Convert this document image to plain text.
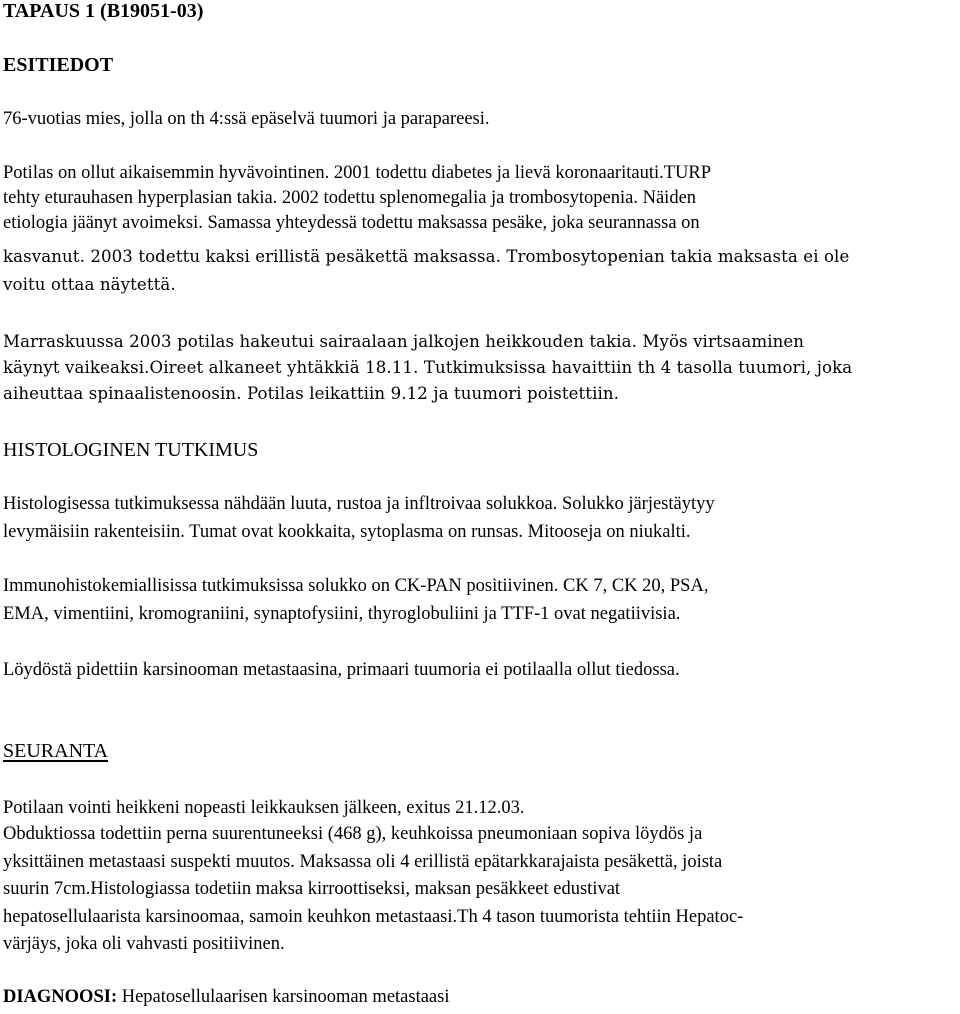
TAPAUS 1 (B19051-03)
ESITIEDOT
76-vuotias mies, jolla on th 4:ssä epäselvä tuumori ja parapareesi.
Potilas on ollut aikaisemmin hyvävointinen. 2001 todettu diabetes ja lievä koronaaritauti.TURP
tehty eturauhasen hyperplasian takia. 2002 todettu splenomegalia ja trombosytopenia. Näiden
etiologia jäänyt avoimeksi. Samassa yhteydessä todettu maksassa pesäke, joka seurannassa on
kasvanut. 2003 todettu kaksi erillistä pesäkettä maksassa. Trombosytopenian takia maksasta ei ole
voitu ottaa näytettä.
Marraskuussa 2003 potilas hakeutui sairaalaan jalkojen heikkouden takia. Myös virtsaaminen
käynyt vaikeaksi.Oireet alkaneet yhtäkkiä 18.11. Tutkimuksissa havaittiin th 4 tasolla tuumori, joka
aiheuttaa spinaalistenoosin. Potilas leikattiin 9.12 ja tuumori poistettiin.
HISTOLOGINEN TUTKIMUS
Histologisessa tutkimuksessa nähdään luuta, rustoa ja infltroivaa solukkoa. Solukko järjestäytyy
levymäisiin rakenteisiin. Tumat ovat kookkaita, sytoplasma on runsas. Mitooseja on niukalti.
Immunohistokemiallisissa tutkimuksissa solukko on CK-PAN positiivinen. CK 7, CK 20, PSA,
EMA, vimentiini, kromograniini, synaptofysiini, thyroglobuliini ja TTF-1 ovat negatiivisia.
Löydöstä pidettiin karsinooman metastaasina, primaari tuumoria ei potilaalla ollut tiedossa.
SEURANTA
Potilaan vointi heikkeni nopeasti leikkauksen jälkeen, exitus 21.12.03.
Obduktiossa todettiin perna suurentuneeksi (468 g), keuhkoissa pneumoniaan sopiva löydös ja
yksittäinen metastaasi suspekti muutos. Maksassa oli 4 erillistä epätarkkarajaista pesäkettä, joista
suurin 7cm.Histologiassa todetiin maksa kirroottiseksi, maksan pesäkkeet edustivat
hepatosellulaarista karsinoomaa, samoin keuhkon metastaasi.Th 4 tason tuumorista tehtiin Hepatoc-
värjäys, joka oli vahvasti positiivinen.
DIAGNOOSI: Hepatosellulaarisen karsinooman metastaasi
